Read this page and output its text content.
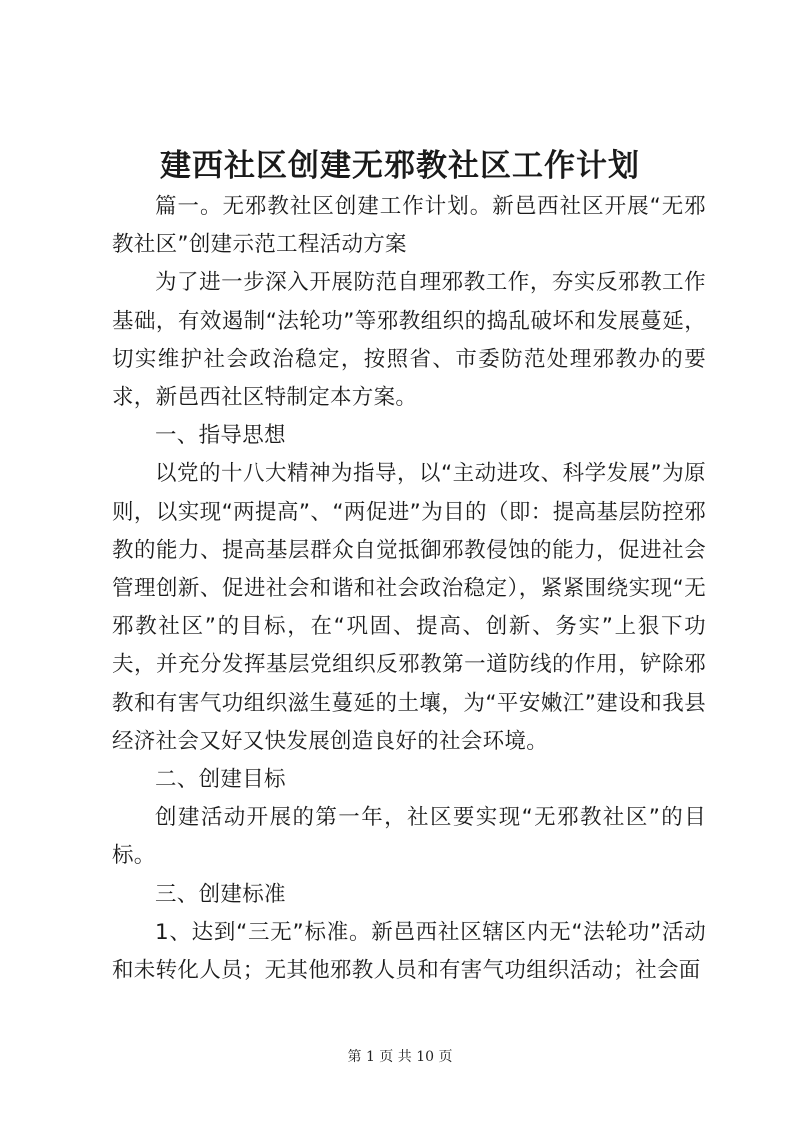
建西社区创建无邪教社区工作计划

篇一。无邪教社区创建工作计划。新邑西社区开展“无邪教社区”创建示范工程活动方案

为了进一步深入开展防范自理邪教工作，夯实反邪教工作基础，有效遏制“法轮功”等邪教组织的捣乱破坏和发展蔓延，切实维护社会政治稳定，按照省、市委防范处理邪教办的要求，新邑西社区特制定本方案。

一、指导思想

以党的十八大精神为指导，以“主动进攻、科学发展”为原则，以实现“两提高”、“两促进”为目的（即：提高基层防控邪教的能力、提高基层群众自觉抵御邪教侵蚀的能力，促进社会管理创新、促进社会和谐和社会政治稳定），紧紧围绕实现“无邪教社区”的目标，在“巩固、提高、创新、务实”上狠下功夫，并充分发挥基层党组织反邪教第一道防线的作用，铲除邪教和有害气功组织滋生蔓延的土壤，为“平安嫩江”建设和我县经济社会又好又快发展创造良好的社会环境。

二、创建目标

创建活动开展的第一年，社区要实现“无邪教社区”的目标。

三、创建标准

1、达到“三无”标准。新邑西社区辖区内无“法轮功”活动和未转化人员；无其他邪教人员和有害气功组织活动；社会面

第 1 页 共 10 页
